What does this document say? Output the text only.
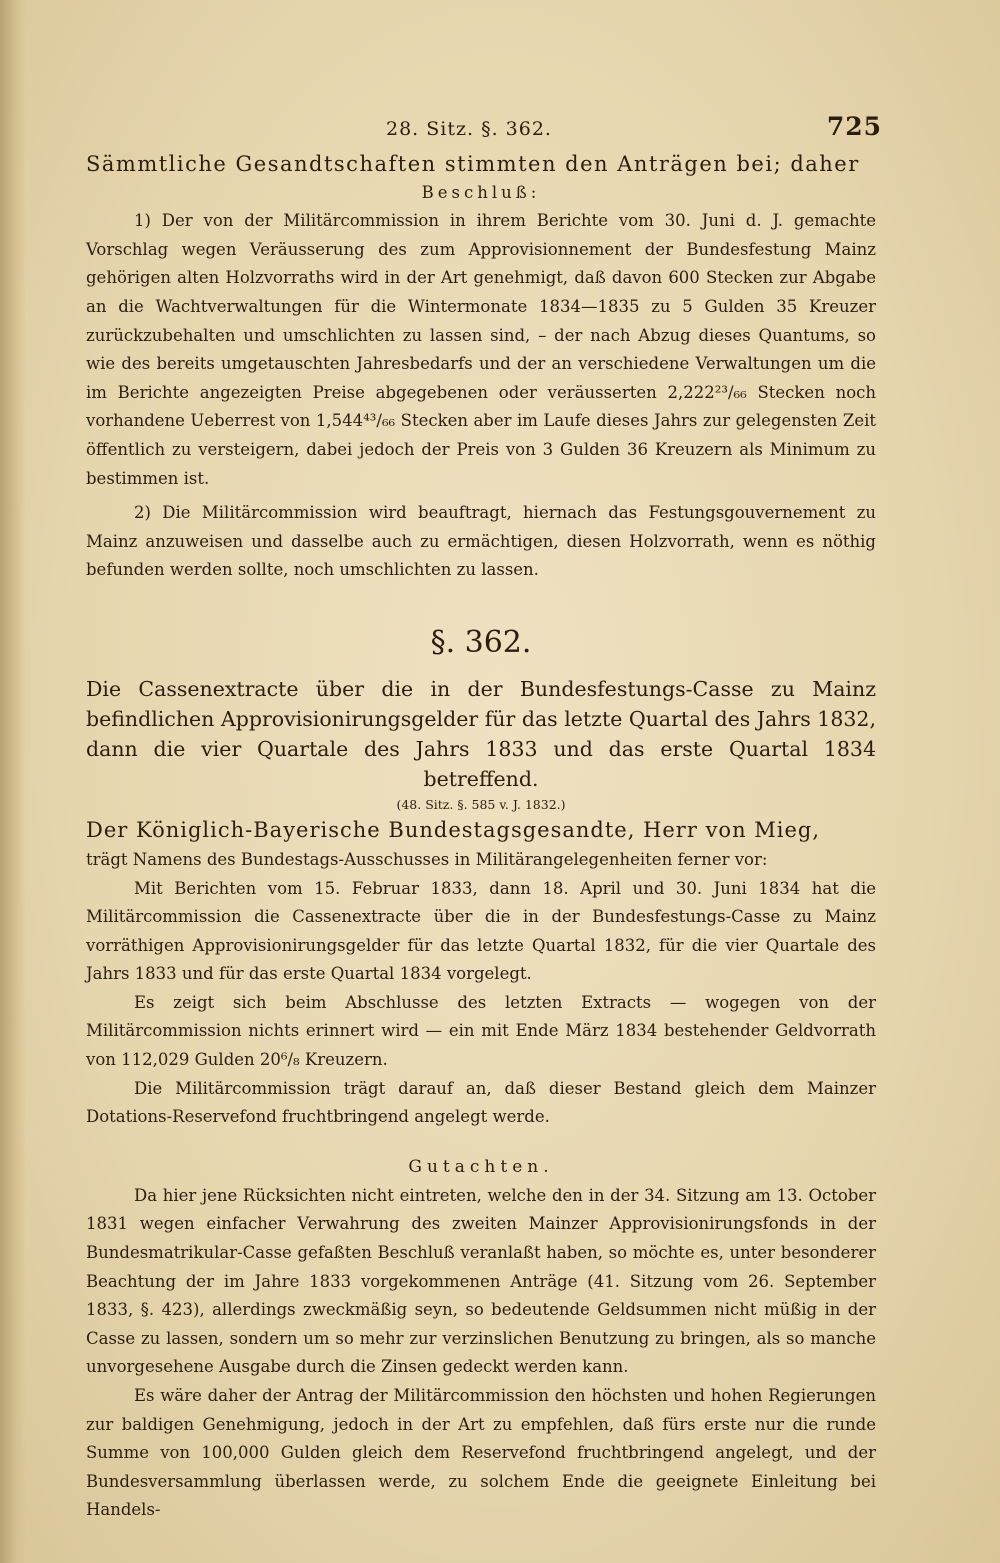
28. Sitz. §. 362.	725

Sämmtliche Gesandtschaften stimmten den Anträgen bei; daher

Beschluß:

1) Der von der Militärcommission in ihrem Berichte vom 30. Juni d. J. gemachte Vorschlag wegen Veräusserung des zum Approvisionnement der Bundesfestung Mainz gehörigen alten Holzvorraths wird in der Art genehmigt, daß davon 600 Stecken zur Abgabe an die Wachtverwaltungen für die Wintermonate 1834—1835 zu 5 Gulden 35 Kreuzer zurückzubehalten und umschlichten zu lassen sind, – der nach Abzug dieses Quantums, so wie des bereits umgetauschten Jahresbedarfs und der an verschiedene Verwaltungen um die im Berichte angezeigten Preise abgegebenen oder veräusserten 2,222²³/₆₆ Stecken noch vorhandene Ueberrest von 1,544⁴³/₆₆ Stecken aber im Laufe dieses Jahrs zur gelegensten Zeit öffentlich zu versteigern, dabei jedoch der Preis von 3 Gulden 36 Kreuzern als Minimum zu bestimmen ist.

2) Die Militärcommission wird beauftragt, hiernach das Festungsgouvernement zu Mainz anzuweisen und dasselbe auch zu ermächtigen, diesen Holzvorrath, wenn es nöthig befunden werden sollte, noch umschlichten zu lassen.

§. 362.

Die Cassenextracte über die in der Bundesfestungs-Casse zu Mainz befindlichen Approvisionirungsgelder für das letzte Quartal des Jahrs 1832, dann die vier Quartale des Jahrs 1833 und das erste Quartal 1834 betreffend.

(48. Sitz. §. 585 v. J. 1832.)

Der Königlich-Bayerische Bundestagsgesandte, Herr von Mieg,

trägt Namens des Bundestags-Ausschusses in Militärangelegenheiten ferner vor:

Mit Berichten vom 15. Februar 1833, dann 18. April und 30. Juni 1834 hat die Militärcommission die Cassenextracte über die in der Bundesfestungs-Casse zu Mainz vorräthigen Approvisionirungsgelder für das letzte Quartal 1832, für die vier Quartale des Jahrs 1833 und für das erste Quartal 1834 vorgelegt.

Es zeigt sich beim Abschlusse des letzten Extracts — wogegen von der Militärcommission nichts erinnert wird — ein mit Ende März 1834 bestehender Geldvorrath von 112,029 Gulden 20⁶/₈ Kreuzern.

Die Militärcommission trägt darauf an, daß dieser Bestand gleich dem Mainzer Dotations-Reservefond fruchtbringend angelegt werde.

Gutachten.

Da hier jene Rücksichten nicht eintreten, welche den in der 34. Sitzung am 13. October 1831 wegen einfacher Verwahrung des zweiten Mainzer Approvisionirungsfonds in der Bundesmatrikular-Casse gefaßten Beschluß veranlaßt haben, so möchte es, unter besonderer Beachtung der im Jahre 1833 vorgekommenen Anträge (41. Sitzung vom 26. September 1833, §. 423), allerdings zweckmäßig seyn, so bedeutende Geldsummen nicht müßig in der Casse zu lassen, sondern um so mehr zur verzinslichen Benutzung zu bringen, als so manche unvorgesehene Ausgabe durch die Zinsen gedeckt werden kann.

Es wäre daher der Antrag der Militärcommission den höchsten und hohen Regierungen zur baldigen Genehmigung, jedoch in der Art zu empfehlen, daß fürs erste nur die runde Summe von 100,000 Gulden gleich dem Reservefond fruchtbringend angelegt, und der Bundesversammlung überlassen werde, zu solchem Ende die geeignete Einleitung bei Handels-
